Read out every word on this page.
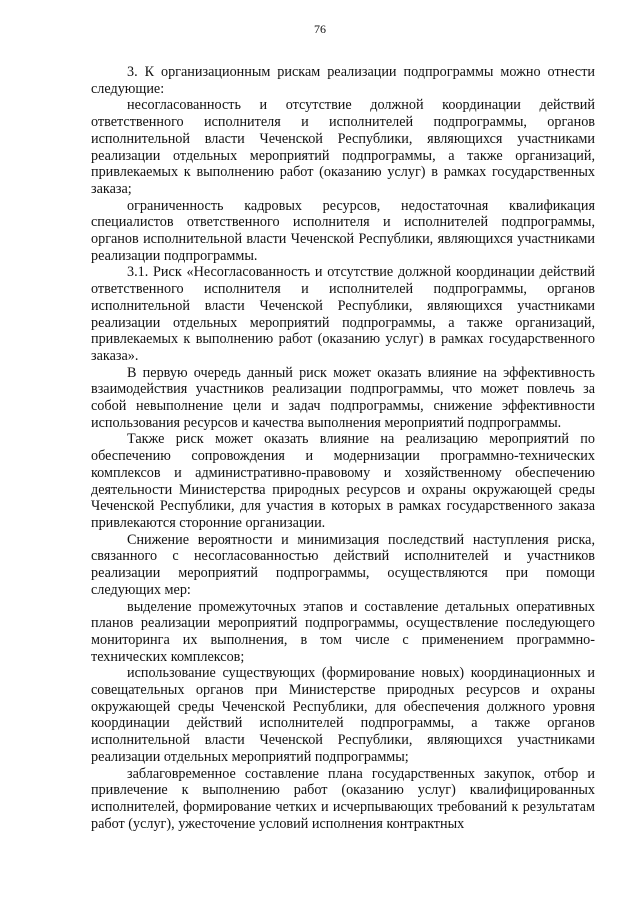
76

3. К организационным рискам реализации подпрограммы можно отнести следующие:

несогласованность и отсутствие должной координации действий ответственного исполнителя и исполнителей подпрограммы, органов исполнительной власти Чеченской Республики, являющихся участниками реализации отдельных мероприятий подпрограммы, а также организаций, привлекаемых к выполнению работ (оказанию услуг) в рамках государственных заказа;

ограниченность кадровых ресурсов, недостаточная квалификация специалистов ответственного исполнителя и исполнителей подпрограммы, органов исполнительной власти Чеченской Республики, являющихся участниками реализации подпрограммы.

3.1. Риск «Несогласованность и отсутствие должной координации действий ответственного исполнителя и исполнителей подпрограммы, органов исполнительной власти Чеченской Республики, являющихся участниками реализации отдельных мероприятий подпрограммы, а также организаций, привлекаемых к выполнению работ (оказанию услуг) в рамках государственного заказа».

В первую очередь данный риск может оказать влияние на эффективность взаимодействия участников реализации подпрограммы, что может повлечь за собой невыполнение цели и задач подпрограммы, снижение эффективности использования ресурсов и качества выполнения мероприятий подпрограммы.

Также риск может оказать влияние на реализацию мероприятий по обеспечению сопровождения и модернизации программно-технических комплексов и административно-правовому и хозяйственному обеспечению деятельности Министерства природных ресурсов и охраны окружающей среды Чеченской Республики, для участия в которых в рамках государственного заказа привлекаются сторонние организации.

Снижение вероятности и минимизация последствий наступления риска, связанного с несогласованностью действий исполнителей и участников реализации мероприятий подпрограммы, осуществляются при помощи следующих мер:

выделение промежуточных этапов и составление детальных оперативных планов реализации мероприятий подпрограммы, осуществление последующего мониторинга их выполнения, в том числе с применением программно-технических комплексов;

использование существующих (формирование новых) координационных и совещательных органов при Министерстве природных ресурсов и охраны окружающей среды Чеченской Республики, для обеспечения должного уровня координации действий исполнителей подпрограммы, а также органов исполнительной власти Чеченской Республики, являющихся участниками реализации отдельных мероприятий подпрограммы;

заблаговременное составление плана государственных закупок, отбор и привлечение к выполнению работ (оказанию услуг) квалифицированных исполнителей, формирование четких и исчерпывающих требований к результатам работ (услуг), ужесточение условий исполнения контрактных
